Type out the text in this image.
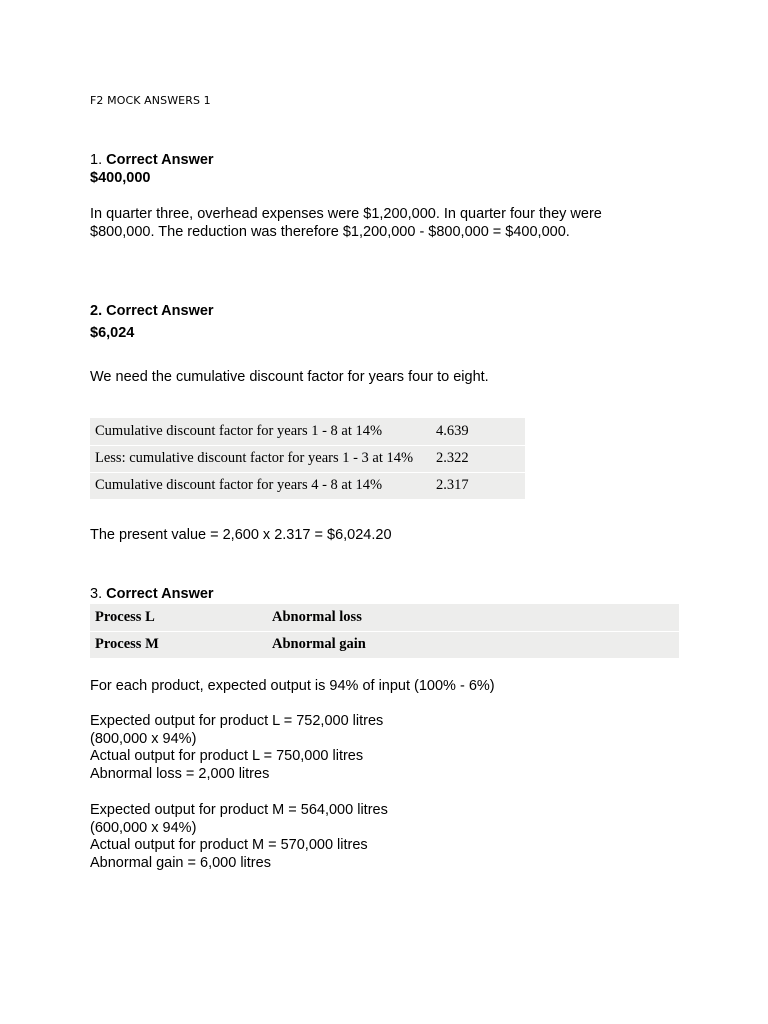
F2 MOCK ANSWERS 1
1. Correct Answer
$400,000
In quarter three, overhead expenses were $1,200,000. In quarter four they were
$800,000. The reduction was therefore $1,200,000 - $800,000 = $400,000.
2. Correct Answer
$6,024
We need the cumulative discount factor for years four to eight.
Cumulative discount factor for years 1 - 8 at 14%	4.639
Less: cumulative discount factor for years 1 - 3 at 14%	2.322
Cumulative discount factor for years 4 - 8 at 14%	2.317
The present value = 2,600 x 2.317 = $6,024.20
3. Correct Answer
Process L	Abnormal loss
Process M	Abnormal gain
For each product, expected output is 94% of input (100% - 6%)
Expected output for product L = 752,000 litres
(800,000 x 94%)
Actual output for product L = 750,000 litres
Abnormal loss = 2,000 litres
Expected output for product M = 564,000 litres
(600,000 x 94%)
Actual output for product M = 570,000 litres
Abnormal gain = 6,000 litres
